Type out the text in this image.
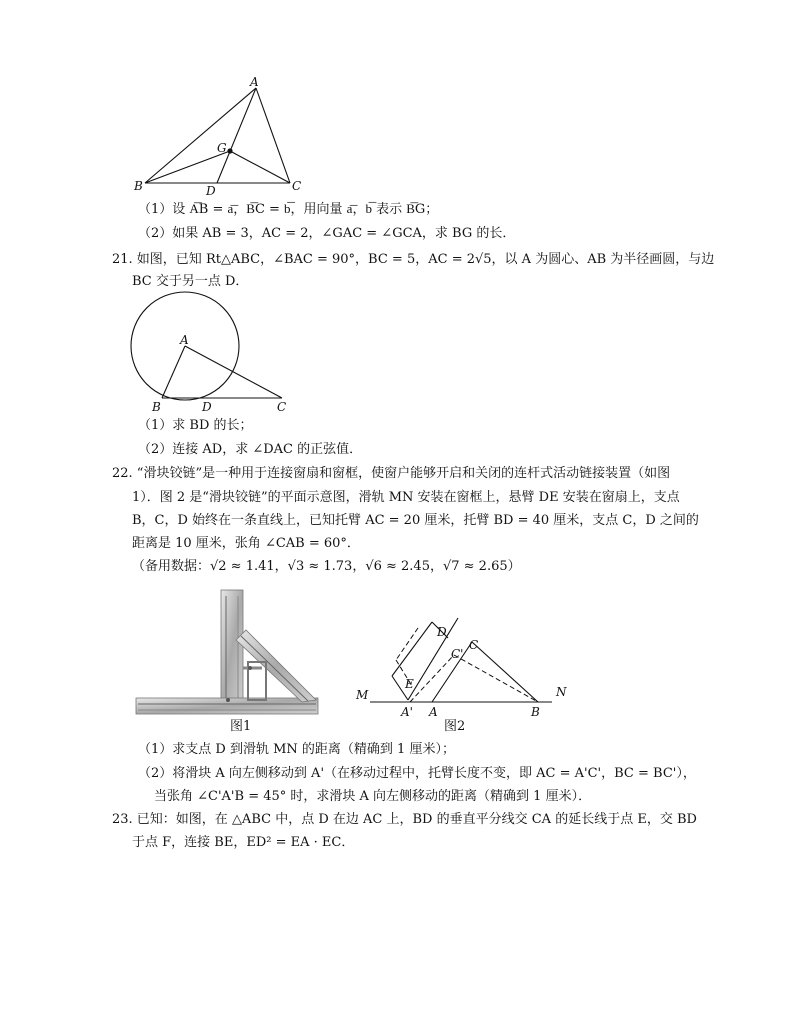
A
B	C
D
G
（1）设 A͞B = a͞，B͞C = b͞，用向量 a͞，b͞ 表示 B͞G；
（2）如果 AB = 3，AC = 2，∠GAC = ∠GCA，求 BG 的长．
21. 如图，已知 Rt△ABC，∠BAC = 90°，BC = 5，AC = 2√5，以 A 为圆心、AB 为半径画圆，与边
BC 交于另一点 D．
A
B	D	C
（1）求 BD 的长；
（2）连接 AD，求 ∠DAC 的正弦值．
22. “滑块铰链”是一种用于连接窗扇和窗框，使窗户能够开启和关闭的连杆式活动链接装置（如图
1）．图 2 是“滑块铰链”的平面示意图，滑轨 MN 安装在窗框上，悬臂 DE 安装在窗扇上，支点
B，C，D 始终在一条直线上，已知托臂 AC = 20 厘米，托臂 BD = 40 厘米，支点 C，D 之间的
距离是 10 厘米，张角 ∠CAB = 60°．
（备用数据：√2 ≈ 1.41，√3 ≈ 1.73，√6 ≈ 2.45，√7 ≈ 2.65）
图1
D
C
C'
E
M	N
A' A	B
图2
（1）求支点 D 到滑轨 MN 的距离（精确到 1 厘米）；
（2）将滑块 A 向左侧移动到 A'（在移动过程中，托臂长度不变，即 AC = A'C'，BC = BC'），
当张角 ∠C'A'B = 45° 时，求滑块 A 向左侧移动的距离（精确到 1 厘米）．
23. 已知：如图，在 △ABC 中，点 D 在边 AC 上，BD 的垂直平分线交 CA 的延长线于点 E，交 BD
于点 F，连接 BE，ED² = EA · EC．
